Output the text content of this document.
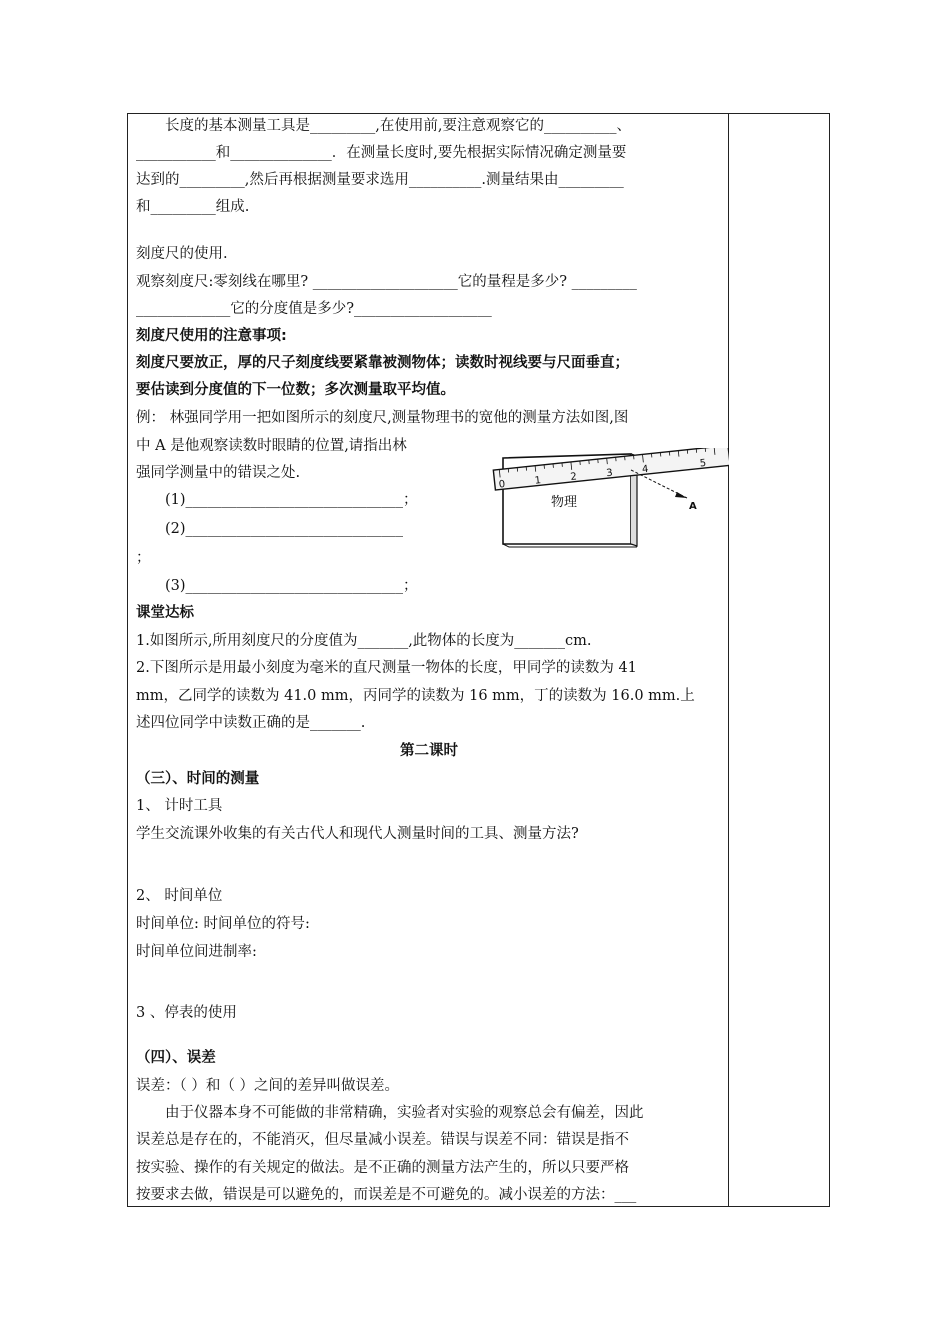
　　长度的基本测量工具是_________,在使用前,要注意观察它的__________、
___________和______________．在测量长度时,要先根据实际情况确定测量要
达到的_________,然后再根据测量要求选用__________.测量结果由_________
和_________组成.
刻度尺的使用.
观察刻度尺:零刻线在哪里? ____________________它的量程是多少? _________
_____________它的分度值是多少?___________________
刻度尺使用的注意事项:
刻度尺要放正，厚的尺子刻度线要紧靠被测物体；读数时视线要与尺面垂直；
要估读到分度值的下一位数；多次测量取平均值。
例： 林强同学用一把如图所示的刻度尺,测量物理书的宽他的测量方法如图,图
中 A 是他观察读数时眼睛的位置,请指出林
强同学测量中的错误之处.
　　(1)______________________________；
　　(2)______________________________
；
　　(3)______________________________；
课堂达标
1.如图所示,所用刻度尺的分度值为_______,此物体的长度为_______cm.
2.下图所示是用最小刻度为毫米的直尺测量一物体的长度，甲同学的读数为 41
mm，乙同学的读数为 41.0 mm，丙同学的读数为 16 mm，丁的读数为 16.0 mm.上
述四位同学中读数正确的是_______.
第二课时
（三）、时间的测量
1、 计时工具
学生交流课外收集的有关古代人和现代人测量时间的工具、测量方法?
2、 时间单位
时间单位: 时间单位的符号:
时间单位间进制率:
3 、停表的使用
（四）、误差
误差：（ ）和（ ）之间的差异叫做误差。
　　由于仪器本身不可能做的非常精确，实验者对实验的观察总会有偏差，因此
误差总是存在的，不能消灭，但尽量减小误差。错误与误差不同：错误是指不
按实验、操作的有关规定的做法。是不正确的测量方法产生的，所以只要严格
按要求去做，错误是可以避免的，而误差是不可避免的。减小误差的方法：___
0	1	2	3	4
5
物理	A
